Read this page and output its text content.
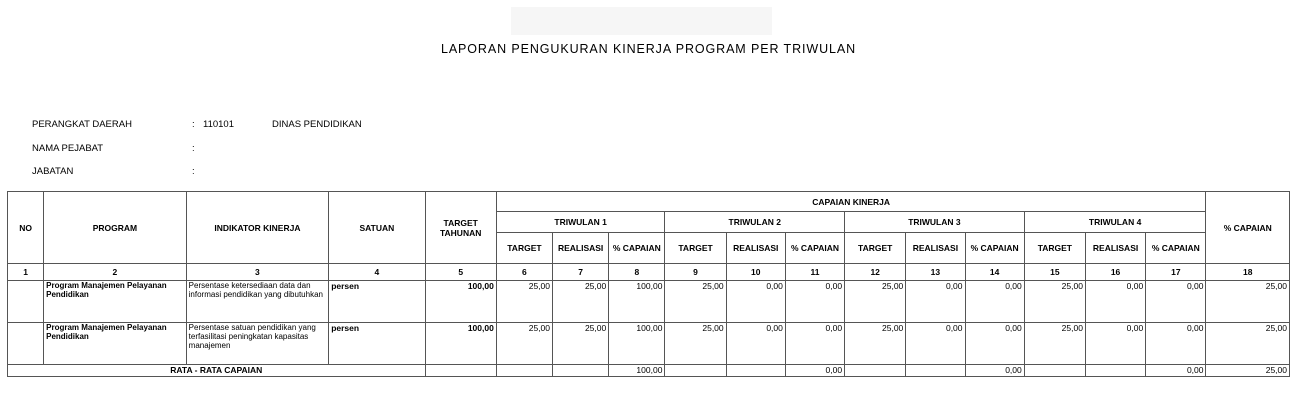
LAPORAN PENGUKURAN KINERJA PROGRAM PER TRIWULAN
PERANGKAT DAERAH	: 110101	DINAS PENDIDIKAN
NAMA PEJABAT	:
JABATAN	:
NO	PROGRAM	INDIKATOR KINERJA	SATUAN	TARGET TAHUNAN	CAPAIAN KINERJA												% CAPAIAN
					TRIWULAN 1			TRIWULAN 2			TRIWULAN 3			TRIWULAN 4			
					TARGET	REALISASI	% CAPAIAN	TARGET	REALISASI	% CAPAIAN	TARGET	REALISASI	% CAPAIAN	TARGET	REALISASI	% CAPAIAN	
1	2	3	4	5	6	7	8	9	10	11	12	13	14	15	16	17	18
	Program Manajemen Pelayanan Pendidikan	Persentase ketersediaan data dan informasi pendidikan yang dibutuhkan	persen	100,00	25,00	25,00	100,00	25,00	0,00	0,00	25,00	0,00	0,00	25,00	0,00	0,00	25,00
	Program Manajemen Pelayanan Pendidikan	Persentase satuan pendidikan yang terfasilitasi peningkatan kapasitas manajemen	persen	100,00	25,00	25,00	100,00	25,00	0,00	0,00	25,00	0,00	0,00	25,00	0,00	0,00	25,00
RATA - RATA CAPAIAN							100,00			0,00			0,00			0,00	25,00
